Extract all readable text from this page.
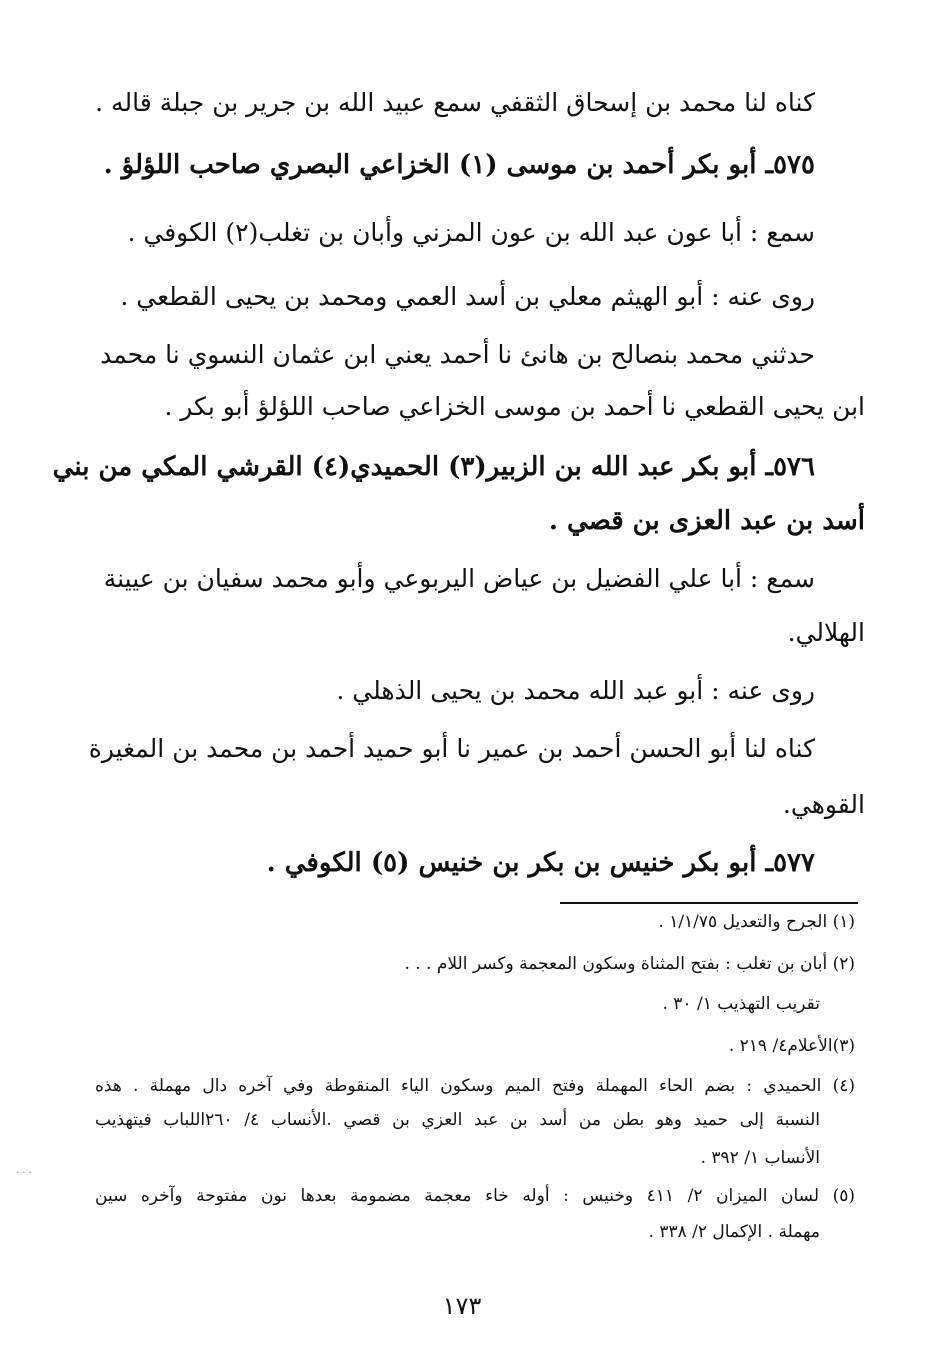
كناه لنا محمد بن إسحاق الثقفي سمع عبيد الله بن جرير بن جبلة قاله .
٥٧٥ـ أبو بكر أحمد بن موسى (١) الخزاعي البصري صاحب اللؤلؤ .
سمع : أبا عون عبد الله بن عون المزني وأبان بن تغلب(٢) الكوفي .
روى عنه : أبو الهيثم معلي بن أسد العمي ومحمد بن يحيى القطعي .
حدثني محمد بنصالح بن هانئ نا أحمد يعني ابن عثمان النسوي نا محمد
ابن يحيى القطعي نا أحمد بن موسى الخزاعي صاحب اللؤلؤ أبو بكر .
٥٧٦ـ أبو بكر عبد الله بن الزبير(٣) الحميدي(٤) القرشي المكي من بني
أسد بن عبد العزى بن قصي .
سمع : أبا علي الفضيل بن عياض اليربوعي وأبو محمد سفيان بن عيينة
الهلالي.
روى عنه : أبو عبد الله محمد بن يحيى الذهلي .
كناه لنا أبو الحسن أحمد بن عمير نا أبو حميد أحمد بن محمد بن المغيرة
القوهي.
٥٧٧ـ أبو بكر خنيس بن بكر بن خنيس (٥) الكوفي .
(١) الجرح والتعديل ١/١/٧٥ .
(٢) أبان بن تغلب : بفتح المثناة وسكون المعجمة وكسر اللام . . .
تقريب التهذيب ١/ ٣٠ .
(٣)الأعلام٤/ ٢١٩ .
(٤) الحميدي : بضم الحاء المهملة وفتح الميم وسكون الياء المنقوطة وفي آخره دال مهملة . هذه
النسبة إلى حميد وهو بطن من أسد بن عبد العزي بن قصي .الأنساب ٤/ ٢٦٠اللباب فيتهذيب
الأنساب ١/ ٣٩٢ .
(٥) لسان الميزان ٢/ ٤١١ وخنيس : أوله خاء معجمة مضمومة بعدها نون مفتوحة وآخره سين
مهملة . الإكمال ٢/ ٣٣٨ .
١٧٣
· · ·
